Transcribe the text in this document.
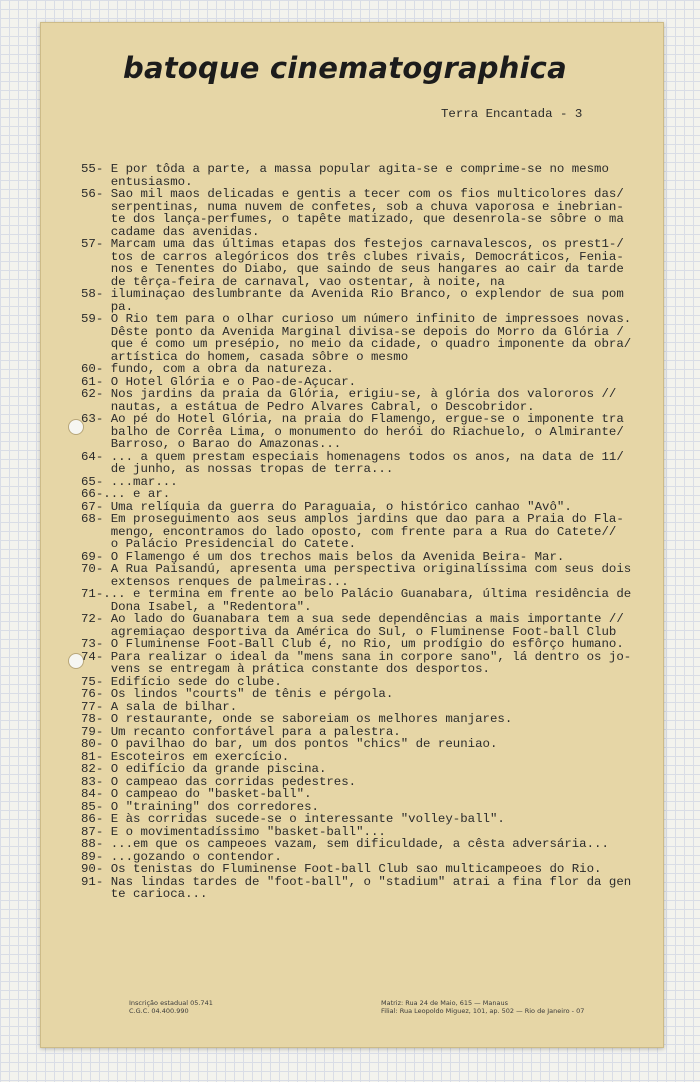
batoque cinematographica

Terra Encantada - 3

55- E por tôda a parte, a massa popular agita-se e comprime-se no mesmo
entusiasmo.
56- Sao mil maos delicadas e gentis a tecer com os fios multicolores das/
serpentinas, numa nuvem de confetes, sob a chuva vaporosa e inebrian-
te dos lança-perfumes, o tapête matizado, que desenrola-se sôbre o ma
cadame das avenidas.
57- Marcam uma das últimas etapas dos festejos carnavalescos, os prest1-/
tos de carros alegóricos dos três clubes rivais, Democráticos, Fenia-
nos e Tenentes do Diabo, que saindo de seus hangares ao cair da tarde
de têrça-feira de carnaval, vao ostentar, à noite, na
58- iluminaçao deslumbrante da Avenida Rio Branco, o explendor de sua pom
pa.
59- O Rio tem para o olhar curioso um número infinito de impressoes novas.
Dêste ponto da Avenida Marginal divisa-se depois do Morro da Glória /
que é como um presépio, no meio da cidade, o quadro imponente da obra/
artística do homem, casada sôbre o mesmo
60- fundo, com a obra da natureza.
61- O Hotel Glória e o Pao-de-Açucar.
62- Nos jardins da praia da Glória, erigiu-se, à glória dos valororos //
nautas, a estátua de Pedro Álvares Cabral, o Descobridor.
63- Ao pé do Hotel Glória, na praia do Flamengo, ergue-se o imponente tra
balho de Corrêa Lima, o monumento do herói do Riachuelo, o Almirante/
Barroso, o Barao do Amazonas...
64- ... a quem prestam especiais homenagens todos os anos, na data de 11/
de junho, as nossas tropas de terra...
65- ...mar...
66-... e ar.
67- Uma relíquia da guerra do Paraguaia, o histórico canhao "Avô".
68- Em proseguimento aos seus amplos jardins que dao para a Praia do Fla-
mengo, encontramos do lado oposto, com frente para a Rua do Catete//
o Palácio Presidencial do Catete.
69- O Flamengo é um dos trechos mais belos da Avenida Beira- Mar.
70- A Rua Paisandú, apresenta uma perspectiva originalíssima com seus dois
extensos renques de palmeiras...
71-... e termina em frente ao belo Palácio Guanabara, última residência de
Dona Isabel, a "Redentora".
72- Ao lado do Guanabara tem a sua sede dependências a mais importante //
agremiaçao desportiva da América do Sul, o Fluminense Foot-ball Club
73- O Fluminense Foot-Ball Club é, no Rio, um prodígio do esfôrço humano.
74- Para realizar o ideal da "mens sana in corpore sano", lá dentro os jo-
vens se entregam à prática constante dos desportos.
75- Edifício sede do clube.
76- Os lindos "courts" de tênis e pérgola.
77- A sala de bilhar.
78- O restaurante, onde se saboreiam os melhores manjares.
79- Um recanto confortável para a palestra.
80- O pavilhao do bar, um dos pontos "chics" de reuniao.
81- Escoteiros em exercício.
82- O edifício da grande piscina.
83- O campeao das corridas pedestres.
84- O campeao do "basket-ball".
85- O "training" dos corredores.
86- E às corridas sucede-se o interessante "volley-ball".
87- E o movimentadíssimo "basket-ball"...
88- ...em que os campeoes vazam, sem dificuldade, a cêsta adversária...
89- ...gozando o contendor.
90- Os tenistas do Fluminense Foot-ball Club sao multicampeoes do Rio.
91- Nas lindas tardes de "foot-ball", o "stadium" atrai a fina flor da gen
te carioca...

Inscrição estadual 05.741
C.G.C. 04.400.990

Matriz: Rua 24 de Maio, 615 — Manaus
Filial: Rua Leopoldo Miguez, 101, ap. 502 — Rio de Janeiro - 07
